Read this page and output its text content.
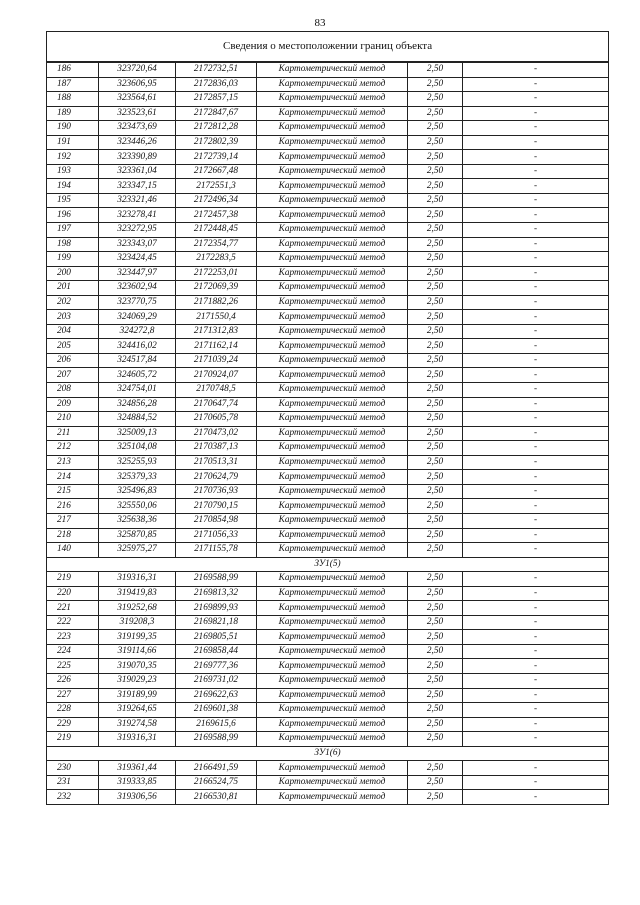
83
Сведения о местоположении границ объекта					
186	323720,64	2172732,51	Картометрический метод	2,50	-
187	323606,95	2172836,03	Картометрический метод	2,50	-
188	323564,61	2172857,15	Картометрический метод	2,50	-
189	323523,61	2172847,67	Картометрический метод	2,50	-
190	323473,69	2172812,28	Картометрический метод	2,50	-
191	323446,26	2172802,39	Картометрический метод	2,50	-
192	323390,89	2172739,14	Картометрический метод	2,50	-
193	323361,04	2172667,48	Картометрический метод	2,50	-
194	323347,15	2172551,3	Картометрический метод	2,50	-
195	323321,46	2172496,34	Картометрический метод	2,50	-
196	323278,41	2172457,38	Картометрический метод	2,50	-
197	323272,95	2172448,45	Картометрический метод	2,50	-
198	323343,07	2172354,77	Картометрический метод	2,50	-
199	323424,45	2172283,5	Картометрический метод	2,50	-
200	323447,97	2172253,01	Картометрический метод	2,50	-
201	323602,94	2172069,39	Картометрический метод	2,50	-
202	323770,75	2171882,26	Картометрический метод	2,50	-
203	324069,29	2171550,4	Картометрический метод	2,50	-
204	324272,8	2171312,83	Картометрический метод	2,50	-
205	324416,02	2171162,14	Картометрический метод	2,50	-
206	324517,84	2171039,24	Картометрический метод	2,50	-
207	324605,72	2170924,07	Картометрический метод	2,50	-
208	324754,01	2170748,5	Картометрический метод	2,50	-
209	324856,28	2170647,74	Картометрический метод	2,50	-
210	324884,52	2170605,78	Картометрический метод	2,50	-
211	325009,13	2170473,02	Картометрический метод	2,50	-
212	325104,08	2170387,13	Картометрический метод	2,50	-
213	325255,93	2170513,31	Картометрический метод	2,50	-
214	325379,33	2170624,79	Картометрический метод	2,50	-
215	325496,83	2170736,93	Картометрический метод	2,50	-
216	325550,06	2170790,15	Картометрический метод	2,50	-
217	325638,36	2170854,98	Картометрический метод	2,50	-
218	325870,85	2171056,33	Картометрический метод	2,50	-
140	325975,27	2171155,78	Картометрический метод	2,50	-
ЗУ1(5)					
219	319316,31	2169588,99	Картометрический метод	2,50	-
220	319419,83	2169813,32	Картометрический метод	2,50	-
221	319252,68	2169899,93	Картометрический метод	2,50	-
222	319208,3	2169821,18	Картометрический метод	2,50	-
223	319199,35	2169805,51	Картометрический метод	2,50	-
224	319114,66	2169858,44	Картометрический метод	2,50	-
225	319070,35	2169777,36	Картометрический метод	2,50	-
226	319029,23	2169731,02	Картометрический метод	2,50	-
227	319189,99	2169622,63	Картометрический метод	2,50	-
228	319264,65	2169601,38	Картометрический метод	2,50	-
229	319274,58	2169615,6	Картометрический метод	2,50	-
219	319316,31	2169588,99	Картометрический метод	2,50	-
ЗУ1(6)					
230	319361,44	2166491,59	Картометрический метод	2,50	-
231	319333,85	2166524,75	Картометрический метод	2,50	-
232	319306,56	2166530,81	Картометрический метод	2,50	-
